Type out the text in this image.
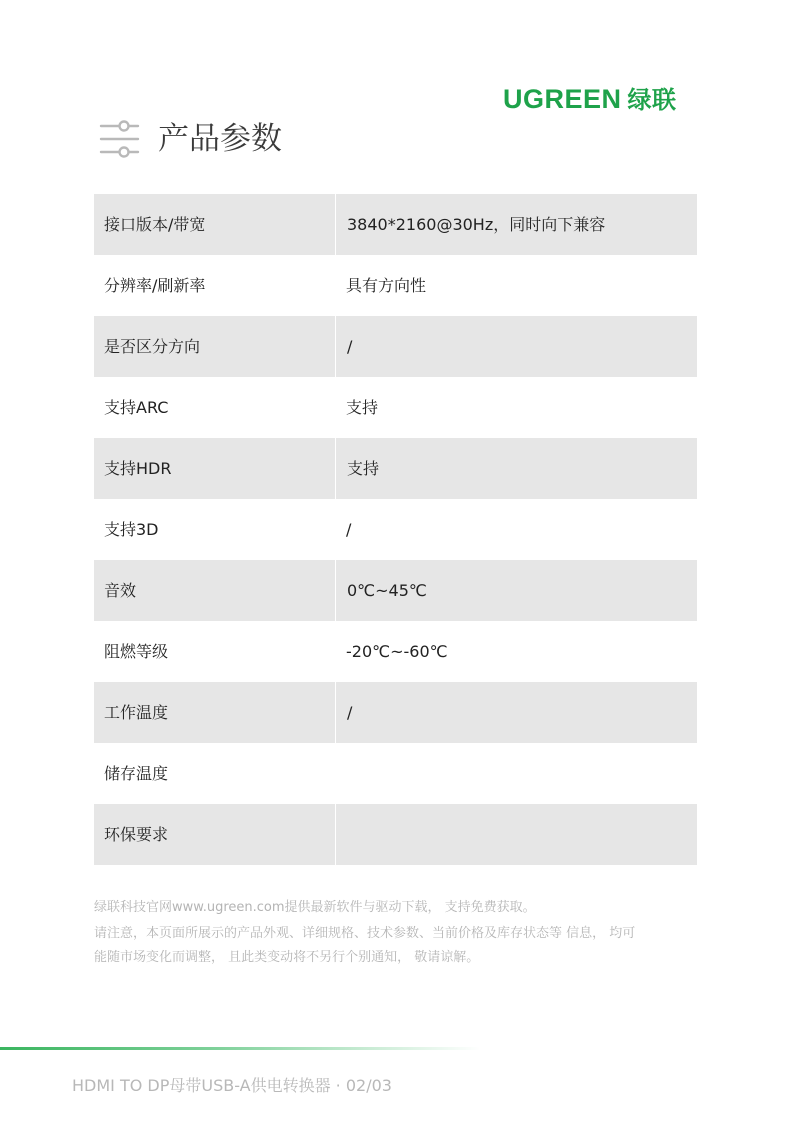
UGREEN 绿联
产品参数
接口版本/带宽	3840*2160@30Hz，同时向下兼容
分辨率/刷新率	具有方向性
是否区分方向	/
支持ARC	支持
支持HDR	支持
支持3D	/
音效	0℃~45℃
阻燃等级	-20℃~-60℃
工作温度	/
储存温度
环保要求

绿联科技官网www.ugreen.com提供最新软件与驱动下载， 支持免费获取。

请注意，本页面所展示的产品外观、详细规格、技术参数、当前价格及库存状态等 信息， 均可

能随市场变化而调整， 且此类变动将不另行个别通知， 敬请谅解。

HDMI TO DP母带USB-A供电转换器 · 02/03
